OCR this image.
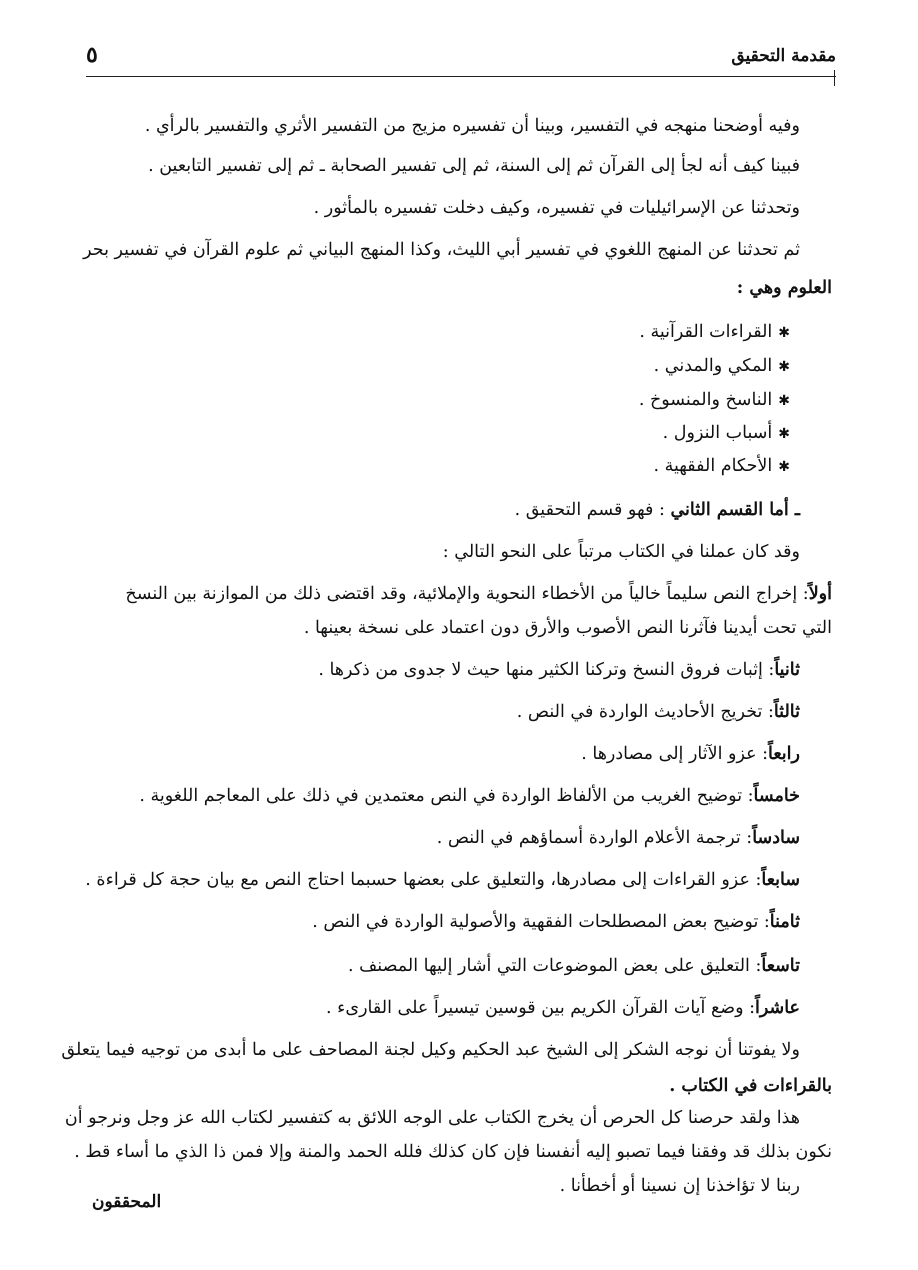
مقدمة التحقيق
٥
وفيه أوضحنا منهجه في التفسير، وبينا أن تفسيره مزيج من التفسير الأثري والتفسير بالرأي .
فبينا كيف أنه لجأ إلى القرآن ثم إلى السنة، ثم إلى تفسير الصحابة ـ ثم إلى تفسير التابعين .
وتحدثنا عن الإسرائيليات في تفسيره، وكيف دخلت تفسيره بالمأثور .
ثم تحدثنا عن المنهج اللغوي في تفسير أبي الليث، وكذا المنهج البياني ثم علوم القرآن في تفسير بحر
العلوم وهي :
✱القراءات القرآنية .
✱المكي والمدني .
✱الناسخ والمنسوخ .
✱أسباب النزول .
✱الأحكام الفقهية .
ـ أما القسم الثاني : فهو قسم التحقيق .
وقد كان عملنا في الكتاب مرتباً على النحو التالي :
أولاً: إخراج النص سليماً خالياً من الأخطاء النحوية والإملائية، وقد اقتضى ذلك من الموازنة بين النسخ
التي تحت أيدينا فآثرنا النص الأصوب والأرق دون اعتماد على نسخة بعينها .
ثانياً: إثبات فروق النسخ وتركنا الكثير منها حيث لا جدوى من ذكرها .
ثالثاً: تخريج الأحاديث الواردة في النص .
رابعاً: عزو الآثار إلى مصادرها .
خامساً: توضيح الغريب من الألفاظ الواردة في النص معتمدين في ذلك على المعاجم اللغوية .
سادساً: ترجمة الأعلام الواردة أسماؤهم في النص .
سابعاً: عزو القراءات إلى مصادرها، والتعليق على بعضها حسبما احتاج النص مع بيان حجة كل قراءة .
ثامناً: توضيح بعض المصطلحات الفقهية والأصولية الواردة في النص .
تاسعاً: التعليق على بعض الموضوعات التي أشار إليها المصنف .
عاشراً: وضع آيات القرآن الكريم بين قوسين تيسيراً على القارىء .
ولا يفوتنا أن نوجه الشكر إلى الشيخ عبد الحكيم وكيل لجنة المصاحف على ما أبدى من توجيه فيما يتعلق
بالقراءات في الكتاب .
هذا ولقد حرصنا كل الحرص أن يخرج الكتاب على الوجه اللائق به كتفسير لكتاب الله عز وجل ونرجو أن
نكون بذلك قد وفقنا فيما تصبو إليه أنفسنا فإن كان كذلك فلله الحمد والمنة وإلا فمن ذا الذي ما أساء قط .
ربنا لا تؤاخذنا إن نسينا أو أخطأنا .
المحققون
